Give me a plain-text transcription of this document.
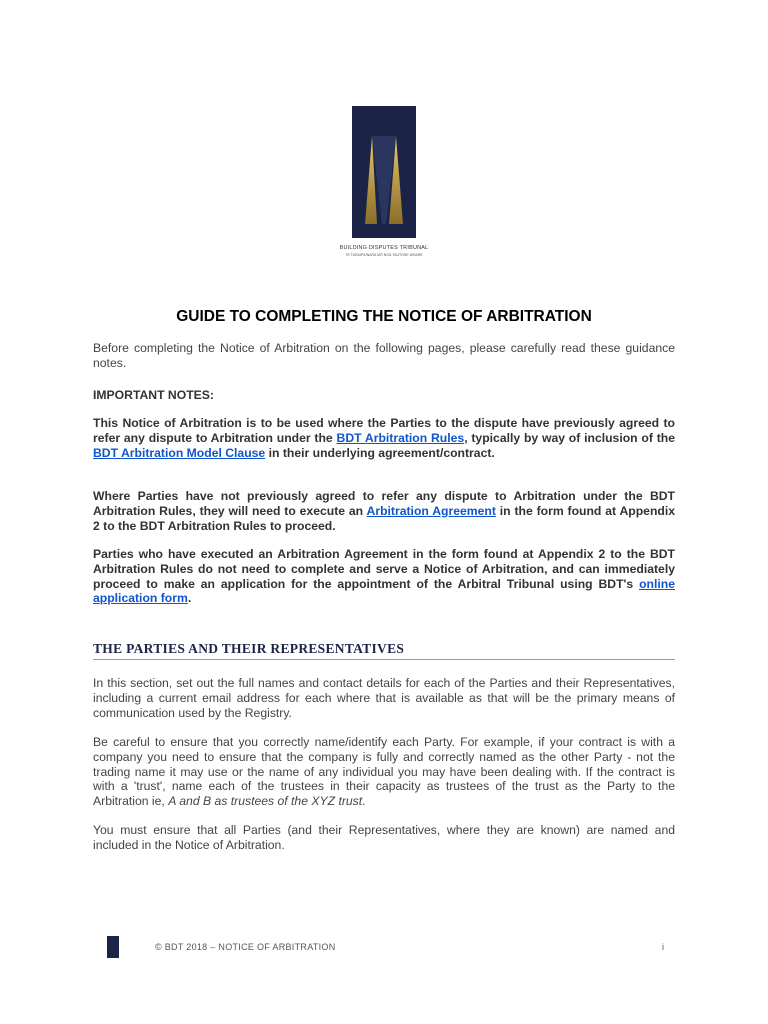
BUILDING DISPUTES TRIBUNAL
TE TARAIPIUNARA MŌ NGĀ TAUTOHE WHARE
GUIDE TO COMPLETING THE NOTICE OF ARBITRATION
Before completing the Notice of Arbitration on the following pages, please carefully read these guidance notes.
IMPORTANT NOTES:
This Notice of Arbitration is to be used where the Parties to the dispute have previously agreed to refer any dispute to Arbitration under the BDT Arbitration Rules, typically by way of inclusion of the BDT Arbitration Model Clause in their underlying agreement/contract.
Where Parties have not previously agreed to refer any dispute to Arbitration under the BDT Arbitration Rules, they will need to execute an Arbitration Agreement in the form found at Appendix 2 to the BDT Arbitration Rules to proceed.
Parties who have executed an Arbitration Agreement in the form found at Appendix 2 to the BDT Arbitration Rules do not need to complete and serve a Notice of Arbitration, and can immediately proceed to make an application for the appointment of the Arbitral Tribunal using BDT's online application form.
THE PARTIES AND THEIR REPRESENTATIVES
In this section, set out the full names and contact details for each of the Parties and their Representatives, including a current email address for each where that is available as that will be the primary means of communication used by the Registry.
Be careful to ensure that you correctly name/identify each Party. For example, if your contract is with a company you need to ensure that the company is fully and correctly named as the other Party - not the trading name it may use or the name of any individual you may have been dealing with. If the contract is with a 'trust', name each of the trustees in their capacity as trustees of the trust as the Party to the Arbitration ie, A and B as trustees of the XYZ trust.
You must ensure that all Parties (and their Representatives, where they are known) are named and included in the Notice of Arbitration.
© BDT 2018 – NOTICE OF ARBITRATION	i
